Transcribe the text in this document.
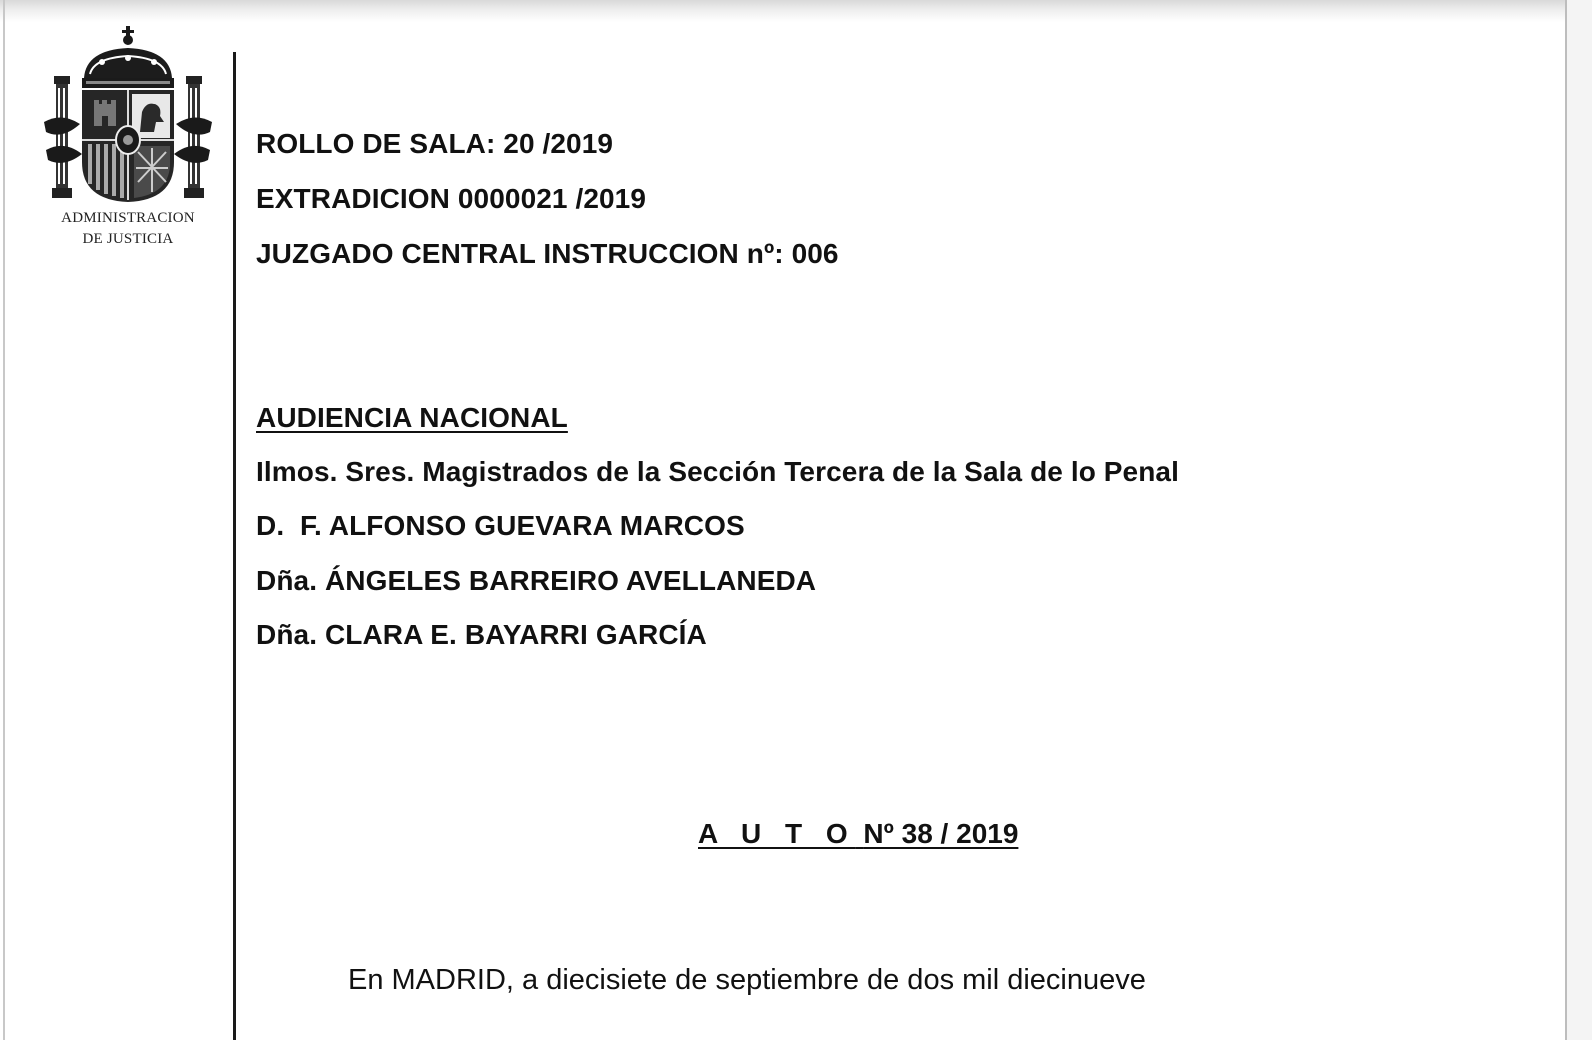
ADMINISTRACION
DE JUSTICIA
ROLLO DE SALA: 20 /2019
EXTRADICION 0000021 /2019
JUZGADO CENTRAL INSTRUCCION nº: 006
AUDIENCIA NACIONAL
Ilmos. Sres. Magistrados de la Sección Tercera de la Sala de lo Penal
D.  F. ALFONSO GUEVARA MARCOS
Dña. ÁNGELES BARREIRO AVELLANEDA
Dña. CLARA E. BAYARRI GARCÍA
A U T O Nº 38 / 2019
En MADRID, a diecisiete de septiembre de dos mil diecinueve
